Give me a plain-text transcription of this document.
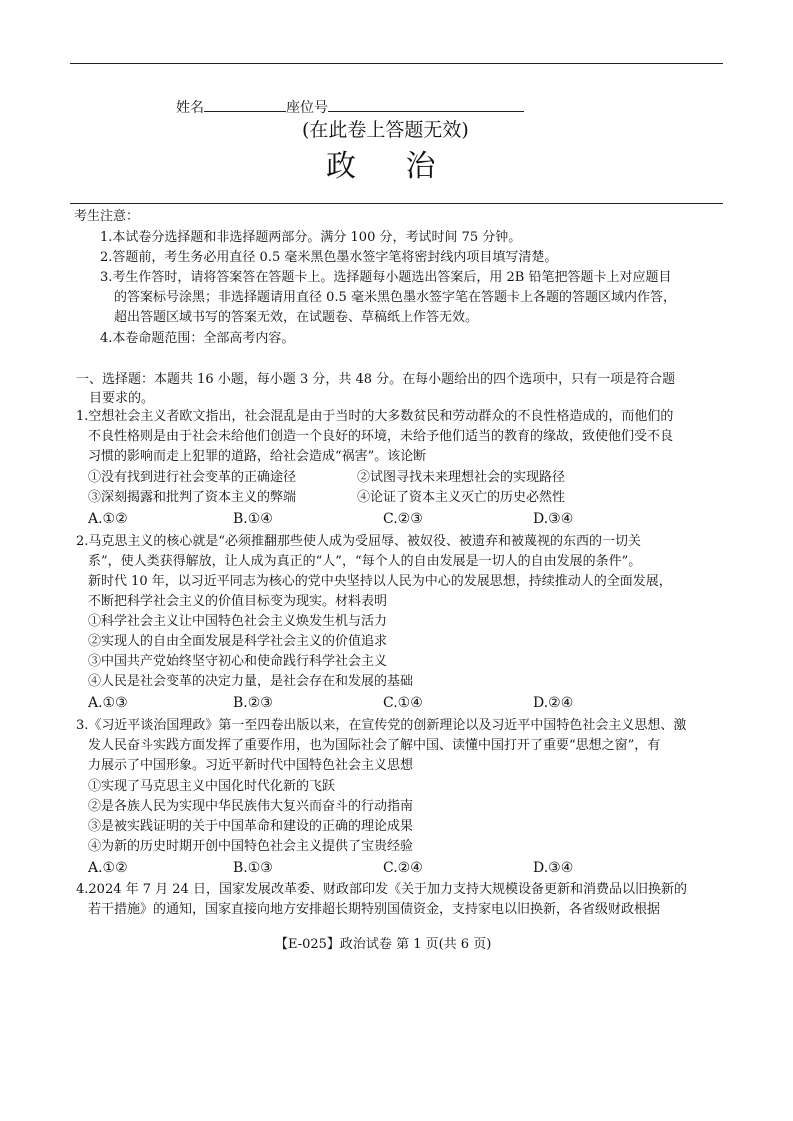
姓名	座位号
(在此卷上答题无效)
政 治
考生注意：
1.本试卷分选择题和非选择题两部分。满分 100 分，考试时间 75 分钟。
2.答题前，考生务必用直径 0.5 毫米黑色墨水签字笔将密封线内项目填写清楚。
3.考生作答时，请将答案答在答题卡上。选择题每小题选出答案后，用 2B 铅笔把答题卡上对应题目
的答案标号涂黑；非选择题请用直径 0.5 毫米黑色墨水签字笔在答题卡上各题的答题区域内作答，
超出答题区域书写的答案无效，在试题卷、草稿纸上作答无效。
4.本卷命题范围：全部高考内容。
一、选择题：本题共 16 小题，每小题 3 分，共 48 分。在每小题给出的四个选项中，只有一项是符合题
目要求的。
1.空想社会主义者欧文指出，社会混乱是由于当时的大多数贫民和劳动群众的不良性格造成的，而他们的
不良性格则是由于社会未给他们创造一个良好的环境，未给予他们适当的教育的缘故，致使他们受不良
习惯的影响而走上犯罪的道路，给社会造成“祸害”。该论断
①没有找到进行社会变革的正确途径	②试图寻找未来理想社会的实现路径
③深刻揭露和批判了资本主义的弊端	④论证了资本主义灭亡的历史必然性
A.①②	B.①④	C.②③	D.③④
2.马克思主义的核心就是“必须推翻那些使人成为受屈辱、被奴役、被遗弃和被蔑视的东西的一切关
系”，使人类获得解放，让人成为真正的“人”，“每个人的自由发展是一切人的自由发展的条件”。
新时代 10 年，以习近平同志为核心的党中央坚持以人民为中心的发展思想，持续推动人的全面发展，
不断把科学社会主义的价值目标变为现实。材料表明
①科学社会主义让中国特色社会主义焕发生机与活力
②实现人的自由全面发展是科学社会主义的价值追求
③中国共产党始终坚守初心和使命践行科学社会主义
④人民是社会变革的决定力量，是社会存在和发展的基础
A.①③	B.②③	C.①④	D.②④
3.《习近平谈治国理政》第一至四卷出版以来，在宣传党的创新理论以及习近平中国特色社会主义思想、激
发人民奋斗实践方面发挥了重要作用，也为国际社会了解中国、读懂中国打开了重要“思想之窗”，有
力展示了中国形象。习近平新时代中国特色社会主义思想
①实现了马克思主义中国化时代化新的飞跃
②是各族人民为实现中华民族伟大复兴而奋斗的行动指南
③是被实践证明的关于中国革命和建设的正确的理论成果
④为新的历史时期开创中国特色社会主义提供了宝贵经验
A.①②	B.①③	C.②④	D.③④
4.2024 年 7 月 24 日，国家发展改革委、财政部印发《关于加力支持大规模设备更新和消费品以旧换新的
若干措施》的通知，国家直接向地方安排超长期特别国债资金，支持家电以旧换新，各省级财政根据
【E-025】政治试卷 第 1 页(共 6 页)
